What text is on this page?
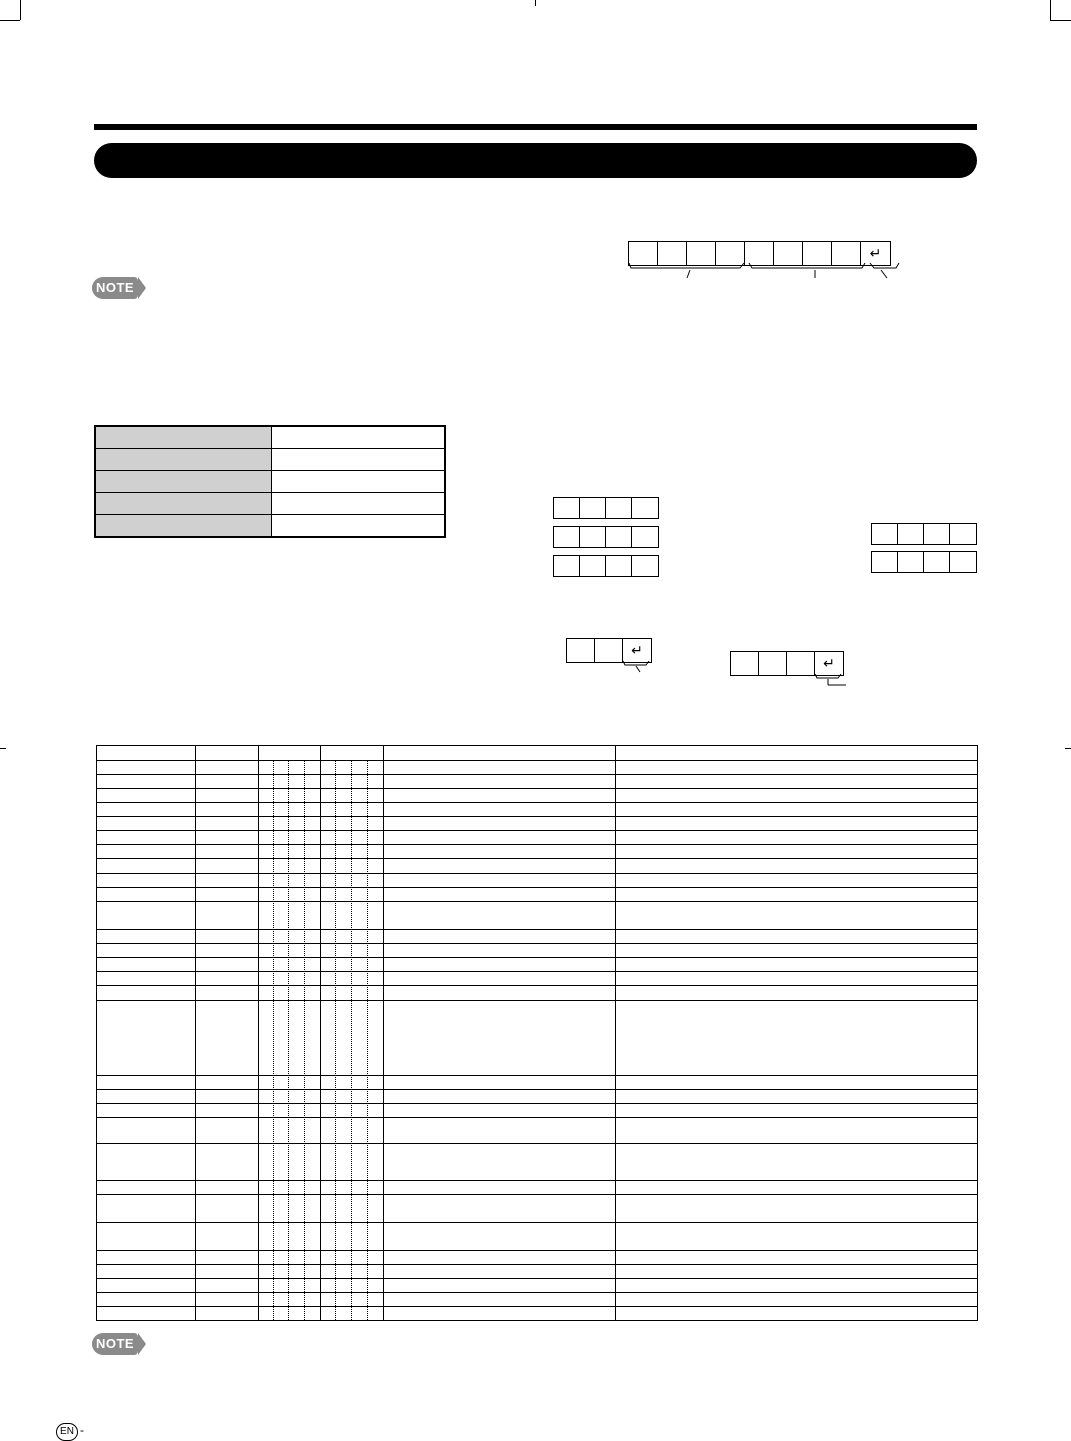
NOTE
↵

↵
↵
NOTE
EN -
